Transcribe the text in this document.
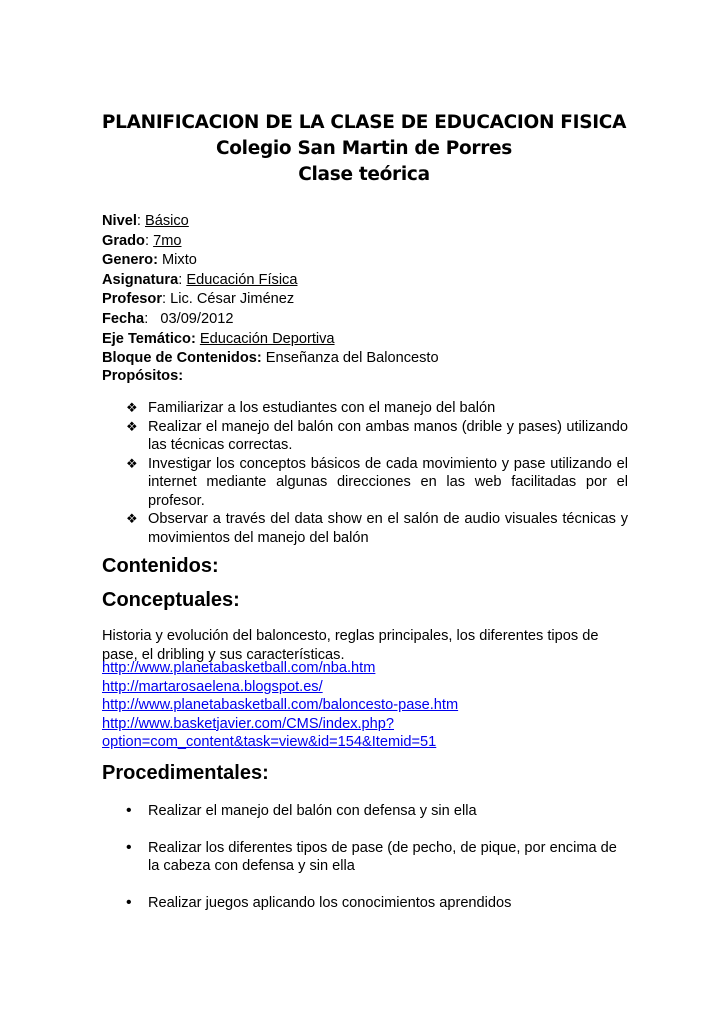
PLANIFICACION DE LA CLASE DE EDUCACION FISICA
Colegio San Martin de Porres
Clase teórica
Nivel: Básico
Grado: 7mo
Genero: Mixto
Asignatura: Educación Física
Profesor: Lic. César Jiménez
Fecha:   03/09/2012
Eje Temático: Educación Deportiva
Bloque de Contenidos: Enseñanza del Baloncesto
Propósitos:
❖ Familiarizar a los estudiantes con el manejo del balón
❖ Realizar el manejo del balón con ambas manos (drible y pases) utilizando las técnicas correctas.
❖ Investigar los conceptos básicos de cada movimiento y pase utilizando el internet mediante algunas direcciones en las web facilitadas por el profesor.
❖ Observar a través del data show en el salón de audio visuales técnicas y movimientos del manejo del balón
Contenidos:
Conceptuales:
Historia y evolución del baloncesto, reglas principales, los diferentes tipos de pase, el dribling y sus características.
http://www.planetabasketball.com/nba.htm
http://martarosaelena.blogspot.es/
http://www.planetabasketball.com/baloncesto-pase.htm
http://www.basketjavier.com/CMS/index.php?
option=com_content&task=view&id=154&Itemid=51
Procedimentales:
• Realizar el manejo del balón con defensa y sin ella
• Realizar los diferentes tipos de pase (de pecho, de pique, por encima de la cabeza con defensa y sin ella
• Realizar juegos aplicando los conocimientos aprendidos
